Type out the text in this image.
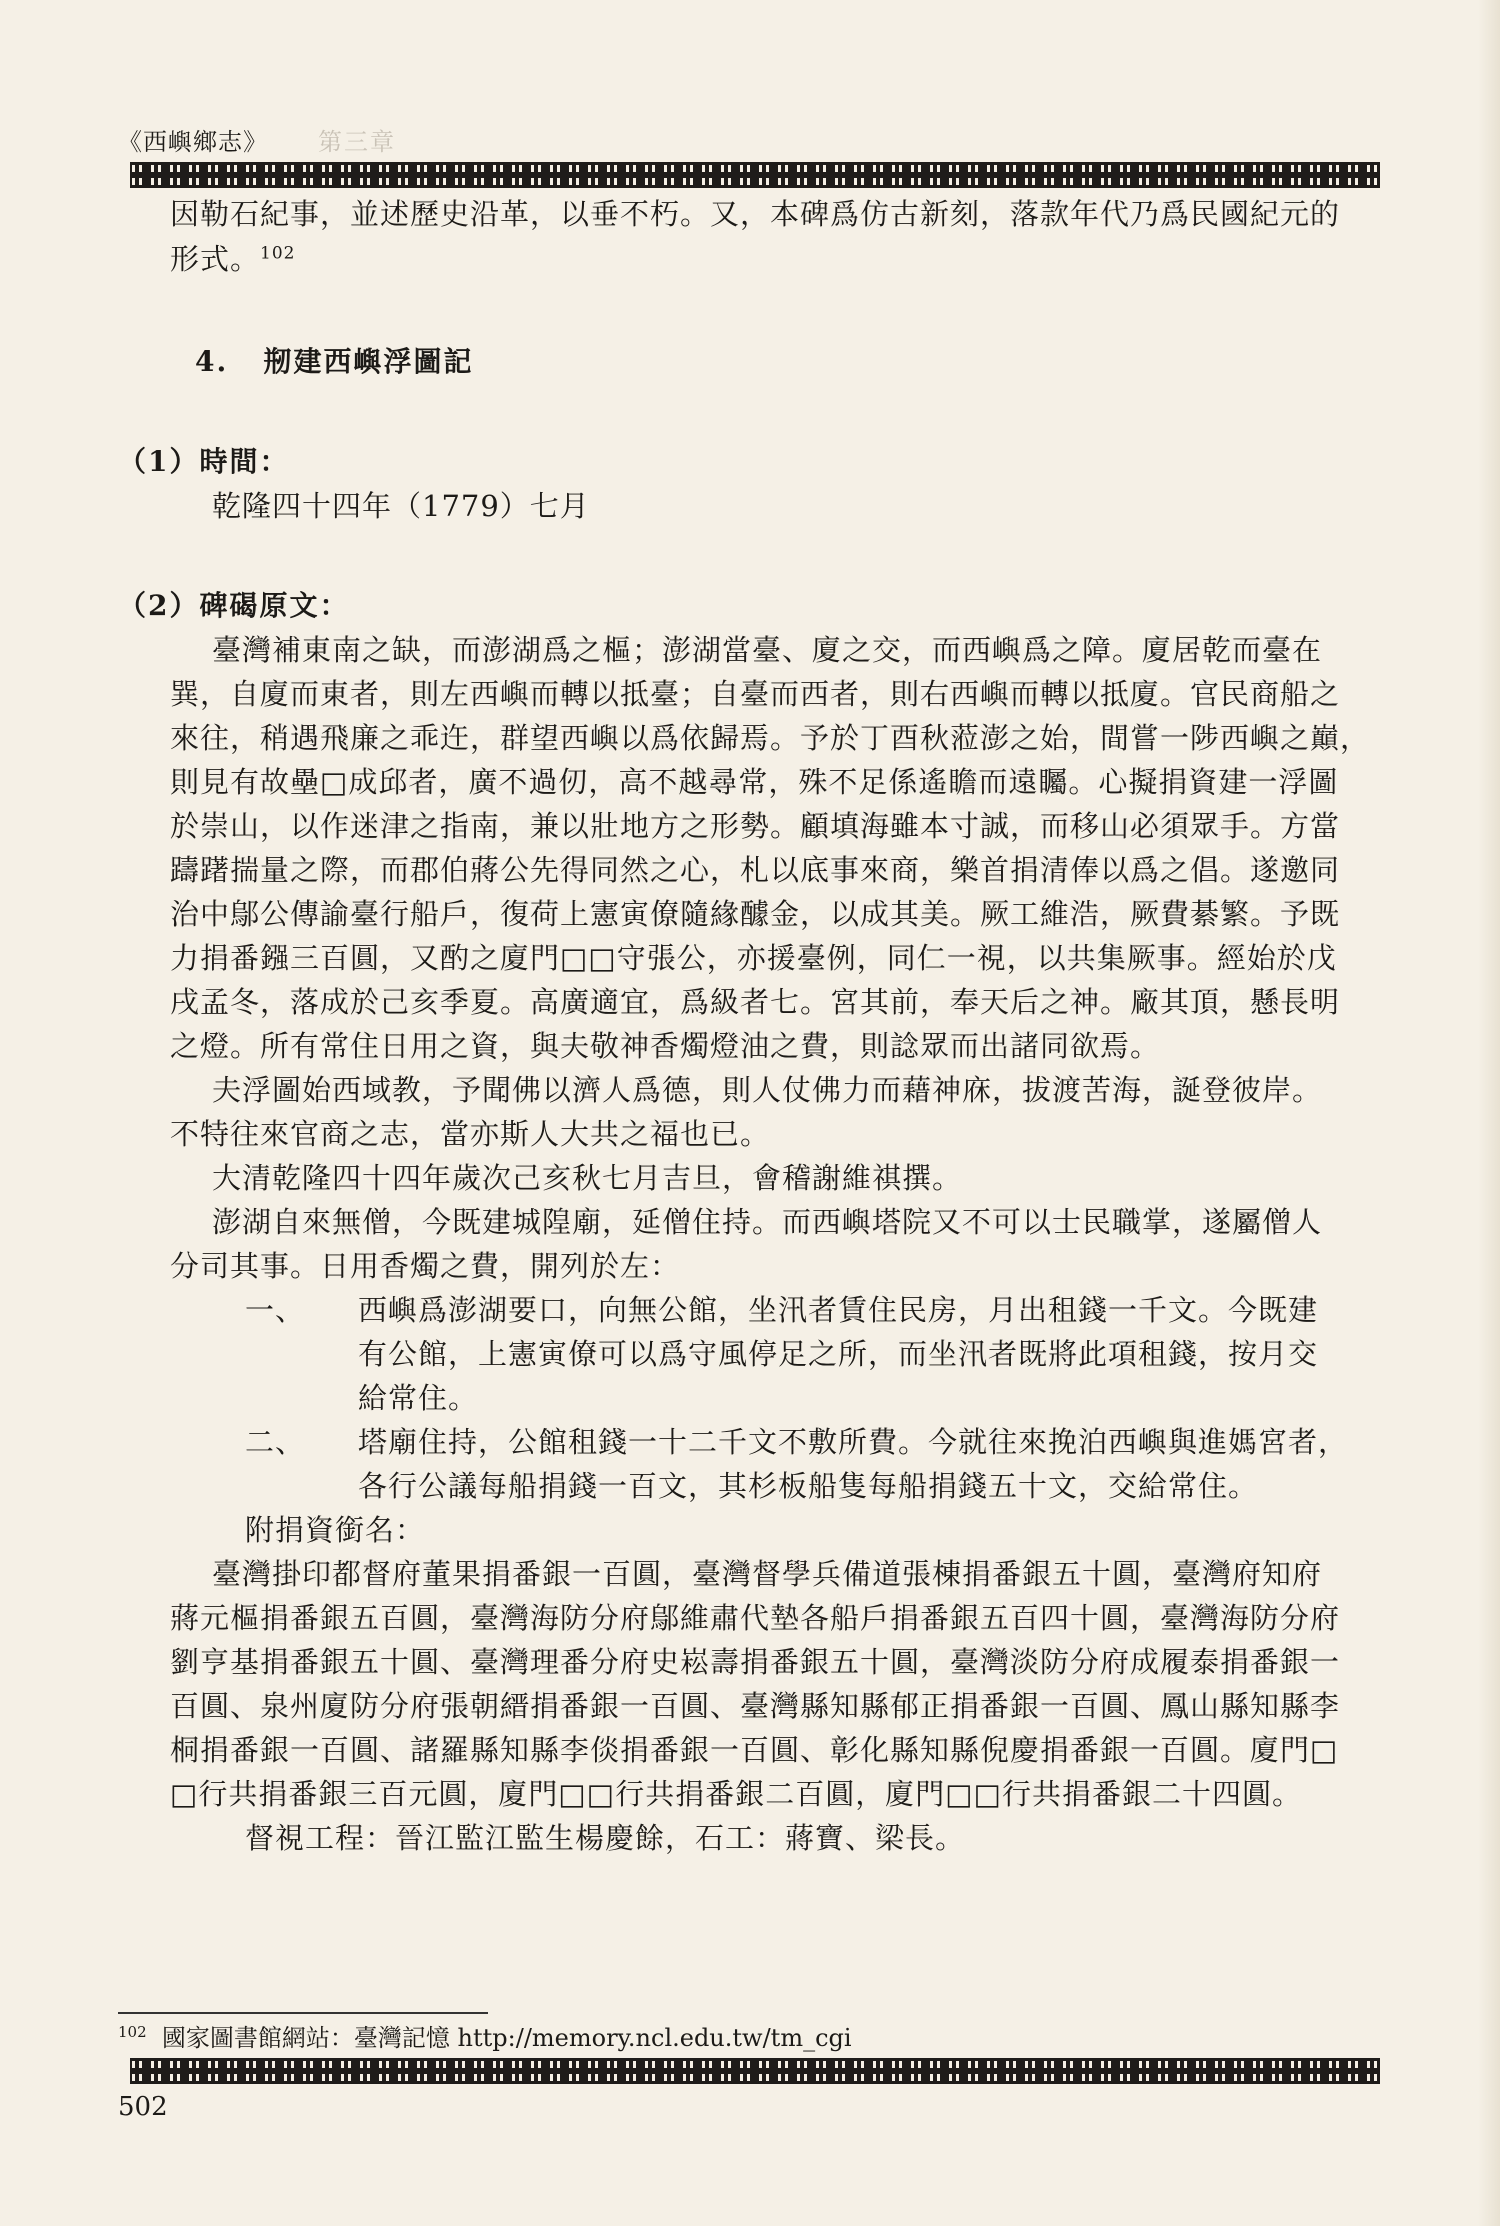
《西嶼鄉志》 第三章
因勒石紀事，並述歷史沿革，以垂不朽。又，本碑爲仿古新刻，落款年代乃爲民國紀元的
形式。$^{102}$
4. 剏建西嶼浮圖記
（1）時間：
乾隆四十四年（1779）七月
（2）碑碣原文：
臺灣補東南之缺，而澎湖爲之樞；澎湖當臺、廈之交，而西嶼爲之障。廈居乾而臺在
巽，自廈而東者，則左西嶼而轉以抵臺；自臺而西者，則右西嶼而轉以抵廈。官民商船之
來往，稍遇飛廉之乖迕，群望西嶼以爲依歸焉。予於丁酉秋蒞澎之始，間嘗一陟西嶼之巔，
則見有故壘□成邱者，廣不過仞，高不越尋常，殊不足係遙瞻而遠矚。心擬捐資建一浮圖
於崇山，以作迷津之指南，兼以壯地方之形勢。顧填海雖本寸誠，而移山必須眾手。方當
躊躇揣量之際，而郡伯蔣公先得同然之心，札以底事來商，樂首捐清俸以爲之倡。遂邀同
治中鄔公傳諭臺行船戶，復荷上憲寅僚隨緣醵金，以成其美。厥工維浩，厥費綦繁。予既
力捐番鏹三百圓，又酌之廈門□□守張公，亦援臺例，同仁一視，以共集厥事。經始於戊
戌孟冬，落成於己亥季夏。高廣適宜，爲級者七。宮其前，奉天后之神。廠其頂，懸長明
之燈。所有常住日用之資，與夫敬神香燭燈油之費，則諗眾而出諸同欲焉。
夫浮圖始西域教，予聞佛以濟人爲德，則人仗佛力而藉神庥，拔渡苦海，誕登彼岸。
不特往來官商之志，當亦斯人大共之福也已。
大清乾隆四十四年歲次己亥秋七月吉旦，會稽謝維祺撰。
澎湖自來無僧，今既建城隍廟，延僧住持。而西嶼塔院又不可以士民職掌，遂屬僧人
分司其事。日用香燭之費，開列於左：
一、 西嶼爲澎湖要口，向無公館，坐汛者賃住民房，月出租錢一千文。今既建
有公館，上憲寅僚可以爲守風停足之所，而坐汛者既將此項租錢，按月交
給常住。
二、 塔廟住持，公館租錢一十二千文不敷所費。今就往來挽泊西嶼與進媽宮者，
各行公議每船捐錢一百文，其杉板船隻每船捐錢五十文，交給常住。
附捐資銜名：
臺灣掛印都督府董果捐番銀一百圓，臺灣督學兵備道張棟捐番銀五十圓，臺灣府知府
蔣元樞捐番銀五百圓，臺灣海防分府鄔維肅代墊各船戶捐番銀五百四十圓，臺灣海防分府
劉亨基捐番銀五十圓、臺灣理番分府史崧壽捐番銀五十圓，臺灣淡防分府成履泰捐番銀一
百圓、泉州廈防分府張朝縉捐番銀一百圓、臺灣縣知縣郁正捐番銀一百圓、鳳山縣知縣李
桐捐番銀一百圓、諸羅縣知縣李倓捐番銀一百圓、彰化縣知縣倪慶捐番銀一百圓。廈門□
□行共捐番銀三百元圓，廈門□□行共捐番銀二百圓，廈門□□行共捐番銀二十四圓。
督視工程：晉江監江監生楊慶餘，石工：蔣寶、梁長。
$^{102}$ 國家圖書館網站：臺灣記憶 http://memory.ncl.edu.tw/tm_cgi
502
